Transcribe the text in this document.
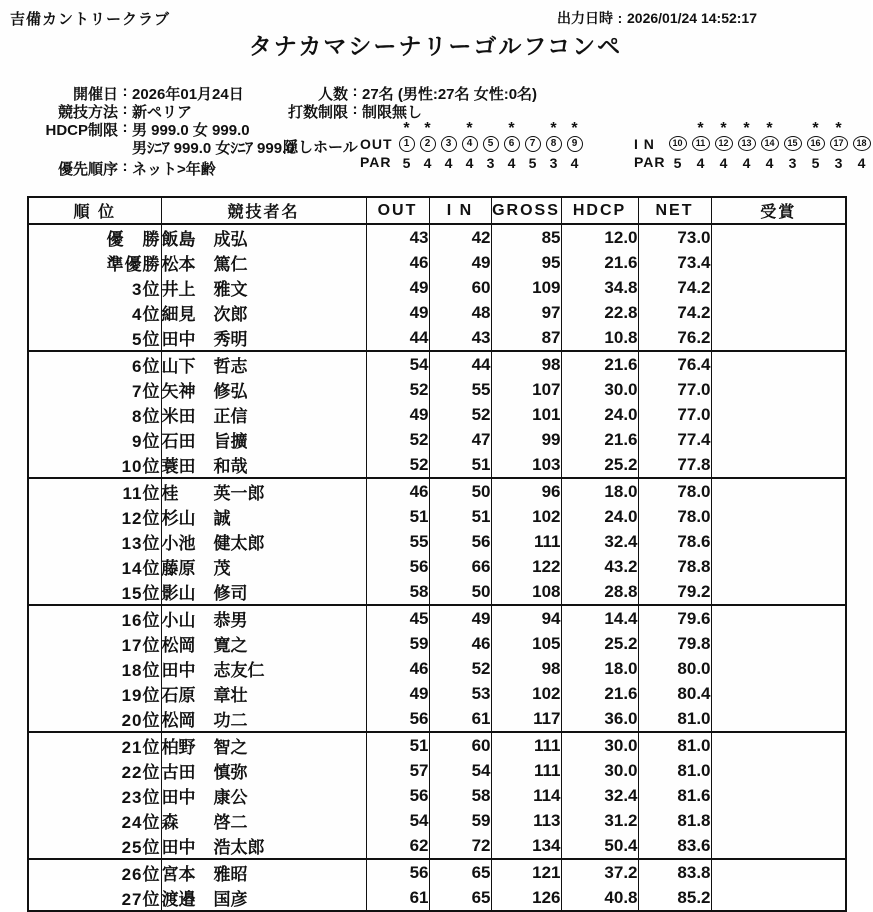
吉備カントリークラブ	出力日時 : 2026/01/24 14:52:17
タナカマシーナリーゴルフコンペ
開催日 : 2026年01月24日	人数 : 27名 (男性:27名 女性:0名)
競技方法 : 新ペリア	打数制限 : 制限無し
HDCP制限 : 男 999.0 女 999.0
男ｼﾆｱ 999.0 女ｼﾆｱ 999.0
優先順序 : ネット>年齢
隠しホール
* *	*	*	* *
OUT	1	2	3	4	5	6	7	8	9
PAR 5 4 4 4 3 4 5 3 4
*	*	*	*	*	*
I N	10	11	12	13	14	15	16	17	18
PAR 5	4	4	4	4	3	5	3	4
順 位	競技者名	OUT	I N	GROSS	HDCP	NET	受賞
優　勝	飯島 成弘	43	42	85	12.0	73.0	
準優勝	松本 篤仁	46	49	95	21.6	73.4	
3位	井上 雅文	49	60	109	34.8	74.2	
4位	細見 次郎	49	48	97	22.8	74.2	
5位	田中 秀明	44	43	87	10.8	76.2	
6位	山下 哲志	54	44	98	21.6	76.4	
7位	矢神 修弘	52	55	107	30.0	77.0	
8位	米田 正信	49	52	101	24.0	77.0	
9位	石田 旨擴	52	47	99	21.6	77.4	
10位	蓑田 和哉	52	51	103	25.2	77.8	
11位	桂 英一郎	46	50	96	18.0	78.0	
12位	杉山 誠	51	51	102	24.0	78.0	
13位	小池 健太郎	55	56	111	32.4	78.6	
14位	藤原 茂	56	66	122	43.2	78.8	
15位	影山 修司	58	50	108	28.8	79.2	
16位	小山 恭男	45	49	94	14.4	79.6	
17位	松岡 寛之	59	46	105	25.2	79.8	
18位	田中 志友仁	46	52	98	18.0	80.0	
19位	石原 章壮	49	53	102	21.6	80.4	
20位	松岡 功二	56	61	117	36.0	81.0	
21位	柏野 智之	51	60	111	30.0	81.0	
22位	古田 慎弥	57	54	111	30.0	81.0	
23位	田中 康公	56	58	114	32.4	81.6	
24位	森 啓二	54	59	113	31.2	81.8	
25位	田中 浩太郎	62	72	134	50.4	83.6	
26位	宮本 雅昭	56	65	121	37.2	83.8	
27位	渡邉 国彦	61	65	126	40.8	85.2	
